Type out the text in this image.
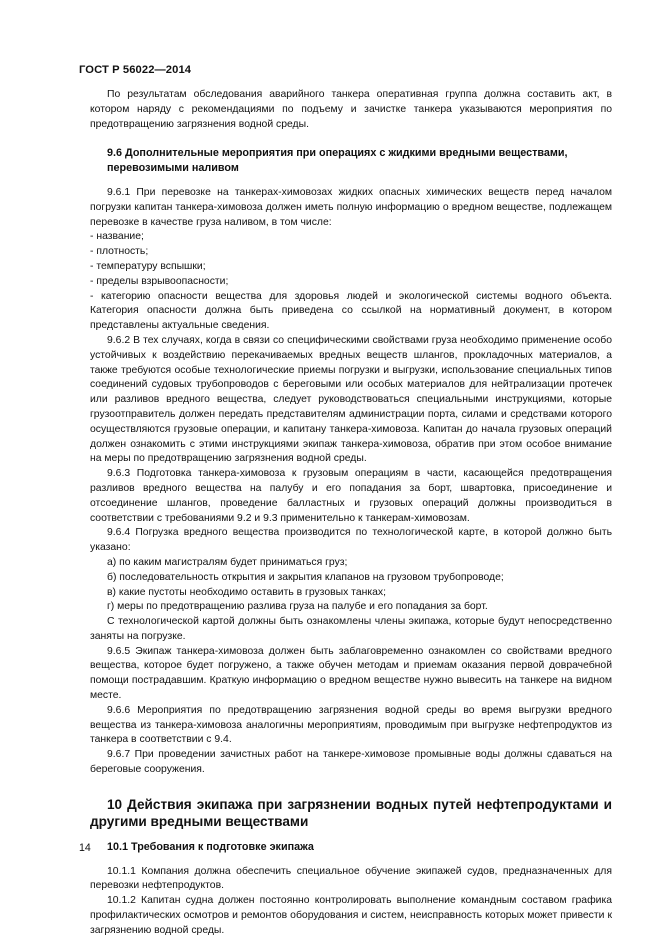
ГОСТ Р 56022—2014

По результатам обследования аварийного танкера оперативная группа должна составить акт, в котором наряду с рекомендациями по подъему и зачистке танкера указываются мероприятия по предотвращению загрязнения водной среды.

9.6 Дополнительные мероприятия при операциях с жидкими вредными веществами,
перевозимыми наливом

9.6.1 При перевозке на танкерах-химовозах жидких опасных химических веществ перед началом погрузки капитан танкера-химовоза должен иметь полную информацию о вредном веществе, подлежащем перевозке в качестве груза наливом, в том числе:

- название;

- плотность;

- температуру вспышки;

- пределы взрывоопасности;

- категорию опасности вещества для здоровья людей и экологической системы водного объекта. Категория опасности должна быть приведена со ссылкой на нормативный документ, в котором представлены актуальные сведения.

9.6.2 В тех случаях, когда в связи со специфическими свойствами груза необходимо применение особо устойчивых к воздействию перекачиваемых вредных веществ шлангов, прокладочных материалов, а также требуются особые технологические приемы погрузки и выгрузки, использование специальных типов соединений судовых трубопроводов с береговыми или особых материалов для нейтрализации протечек или разливов вредного вещества, следует руководствоваться специальными инструкциями, которые грузоотправитель должен передать представителям администрации порта, силами и средствами которого осуществляются грузовые операции, и капитану танкера-химовоза. Капитан до начала грузовых операций должен ознакомить с этими инструкциями экипаж танкера-химовоза, обратив при этом особое внимание на меры по предотвращению загрязнения водной среды.

9.6.3 Подготовка танкера-химовоза к грузовым операциям в части, касающейся предотвращения разливов вредного вещества на палубу и его попадания за борт, швартовка, присоединение и отсоединение шлангов, проведение балластных и грузовых операций должны производиться в соответствии с требованиями 9.2 и 9.3 применительно к танкерам-химовозам.

9.6.4 Погрузка вредного вещества производится по технологической карте, в которой должно быть указано:

а) по каким магистралям будет приниматься груз;

б) последовательность открытия и закрытия клапанов на грузовом трубопроводе;

в) какие пустоты необходимо оставить в грузовых танках;

г) меры по предотвращению разлива груза на палубе и его попадания за борт.

С технологической картой должны быть ознакомлены члены экипажа, которые будут непосредственно заняты на погрузке.

9.6.5 Экипаж танкера-химовоза должен быть заблаговременно ознакомлен со свойствами вредного вещества, которое будет погружено, а также обучен методам и приемам оказания первой доврачебной помощи пострадавшим. Краткую информацию о вредном веществе нужно вывесить на танкере на видном месте.

9.6.6 Мероприятия по предотвращению загрязнения водной среды во время выгрузки вредного вещества из танкера-химовоза аналогичны мероприятиям, проводимым при выгрузке нефтепродуктов из танкера в соответствии с 9.4.

9.6.7 При проведении зачистных работ на танкере-химовозе промывные воды должны сдаваться на береговые сооружения.

10 Действия экипажа при загрязнении водных путей нефтепродуктами и другими вредными веществами
10.1 Требования к подготовке экипажа

10.1.1 Компания должна обеспечить специальное обучение экипажей судов, предназначенных для перевозки нефтепродуктов.

10.1.2 Капитан судна должен постоянно контролировать выполнение командным составом графика профилактических осмотров и ремонтов оборудования и систем, неисправность которых может привести к загрязнению водной среды.

14
